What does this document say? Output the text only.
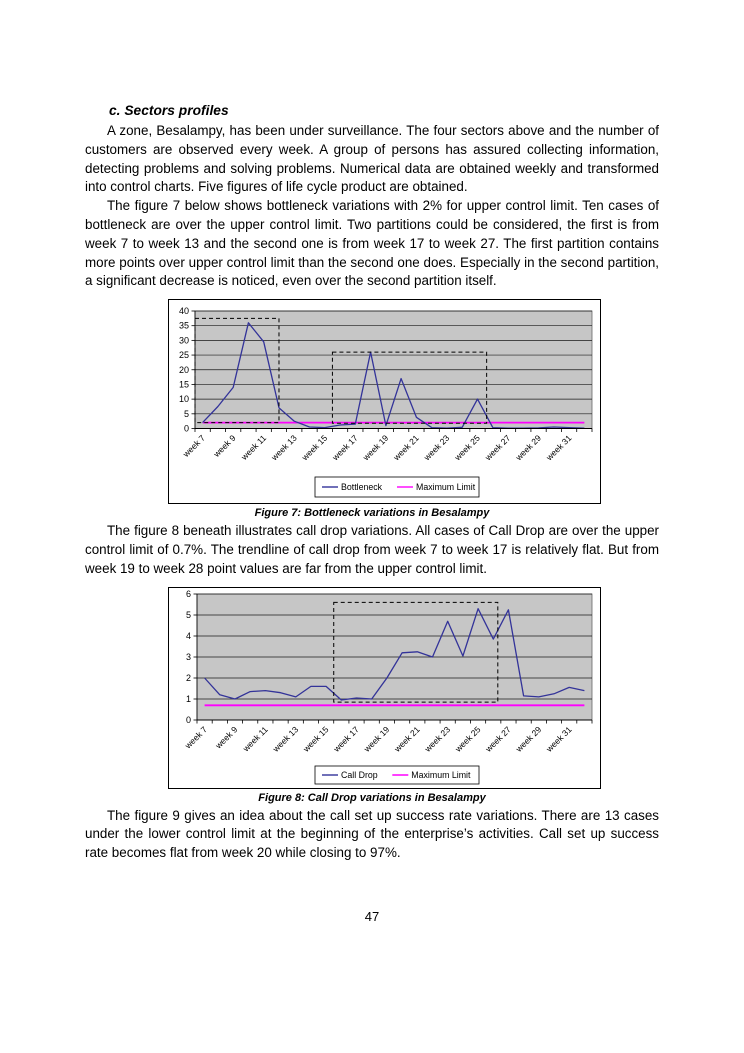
c. Sectors profiles

A zone, Besalampy, has been under surveillance. The four sectors above and the number of customers are observed every week. A group of persons has assured collecting information, detecting problems and solving problems. Numerical data are obtained weekly and transformed into control charts. Five figures of life cycle product are obtained.

The figure 7 below shows bottleneck variations with 2% for upper control limit. Ten cases of bottleneck are over the upper control limit. Two partitions could be considered, the first is from week 7 to week 13 and the second one is from week 17 to week 27. The first partition contains more points over upper control limit than the second one does. Especially in the second partition, a significant decrease is noticed, even over the second partition itself.

0
5
10
15
20
25
30
35
40
week 7 week 9 week 11 week 13 week 15 week 17 week 19 week 21 week 23 week 25 week 27 week 29 week 31
Bottleneck	Maximum Limit
Figure 7: Bottleneck variations in Besalampy

The figure 8 beneath illustrates call drop variations. All cases of Call Drop are over the upper control limit of 0.7%. The trendline of call drop from week 7 to week 17 is relatively flat. But from week 19 to week 28 point values are far from the upper control limit.

0
1
2
3
4
5
6
week 7 week 9 week 11 week 13 week 15 week 17 week 19 week 21 week 23 week 25 week 27 week 29 week 31
Call Drop	Maximum Limit
Figure 8: Call Drop variations in Besalampy

The figure 9 gives an idea about the call set up success rate variations. There are 13 cases under the lower control limit at the beginning of the enterprise’s activities. Call set up success rate becomes flat from week 20 while closing to 97%.

47
